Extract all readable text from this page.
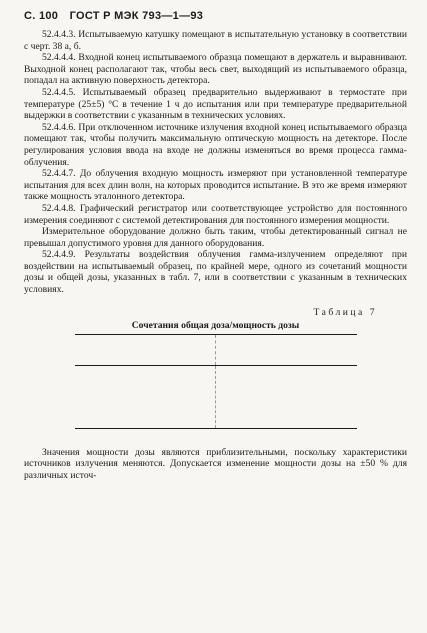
С. 100 ГОСТ Р МЭК 793—1—93

52.4.4.3. Испытываемую катушку помещают в испытательную установку в соответствии с черт. 38 а, б.

52.4.4.4. Входной конец испытываемого образца помещают в держатель и выравнивают. Выходной конец располагают так, чтобы весь свет, выходящий из испытываемого образца, попадал на активную поверхность детектора.

52.4.4.5. Испытываемый образец предварительно выдерживают в термостате при температуре (25±5) °С в течение 1 ч до испытания или при температуре предварительной выдержки в соответствии с указанным в технических условиях.

52.4.4.6. При отключенном источнике излучения входной конец испытываемого образца помещают так, чтобы получить максимальную оптическую мощность на детекторе. После регулирования условия ввода на входе не должны изменяться во время процесса гамма-облучения.

52.4.4.7. До облучения входную мощность измеряют при установленной температуре испытания для всех длин волн, на которых проводится испытание. В это же время измеряют также мощность эталонного детектора.

52.4.4.8. Графический регистратор или соответствующее устройство для постоянного измерения соединяют с системой детектирования для постоянного измерения мощности.

Измерительное оборудование должно быть таким, чтобы детектированный сигнал не превышал допустимого уровня для данного оборудования.

52.4.4.9. Результаты воздействия облучения гамма-излучением определяют при воздействии на испытываемый образец, по крайней мере, одного из сочетаний мощности дозы и общей дозы, указанных в табл. 7, или в соответствии с указанным в технических условиях.

Таблица 7
Сочетания общая доза/мощность дозы

Значения мощности дозы являются приблизительными, поскольку характеристики источников излучения меняются. Допускается изменение мощности дозы на ±50 % для различных источ-
